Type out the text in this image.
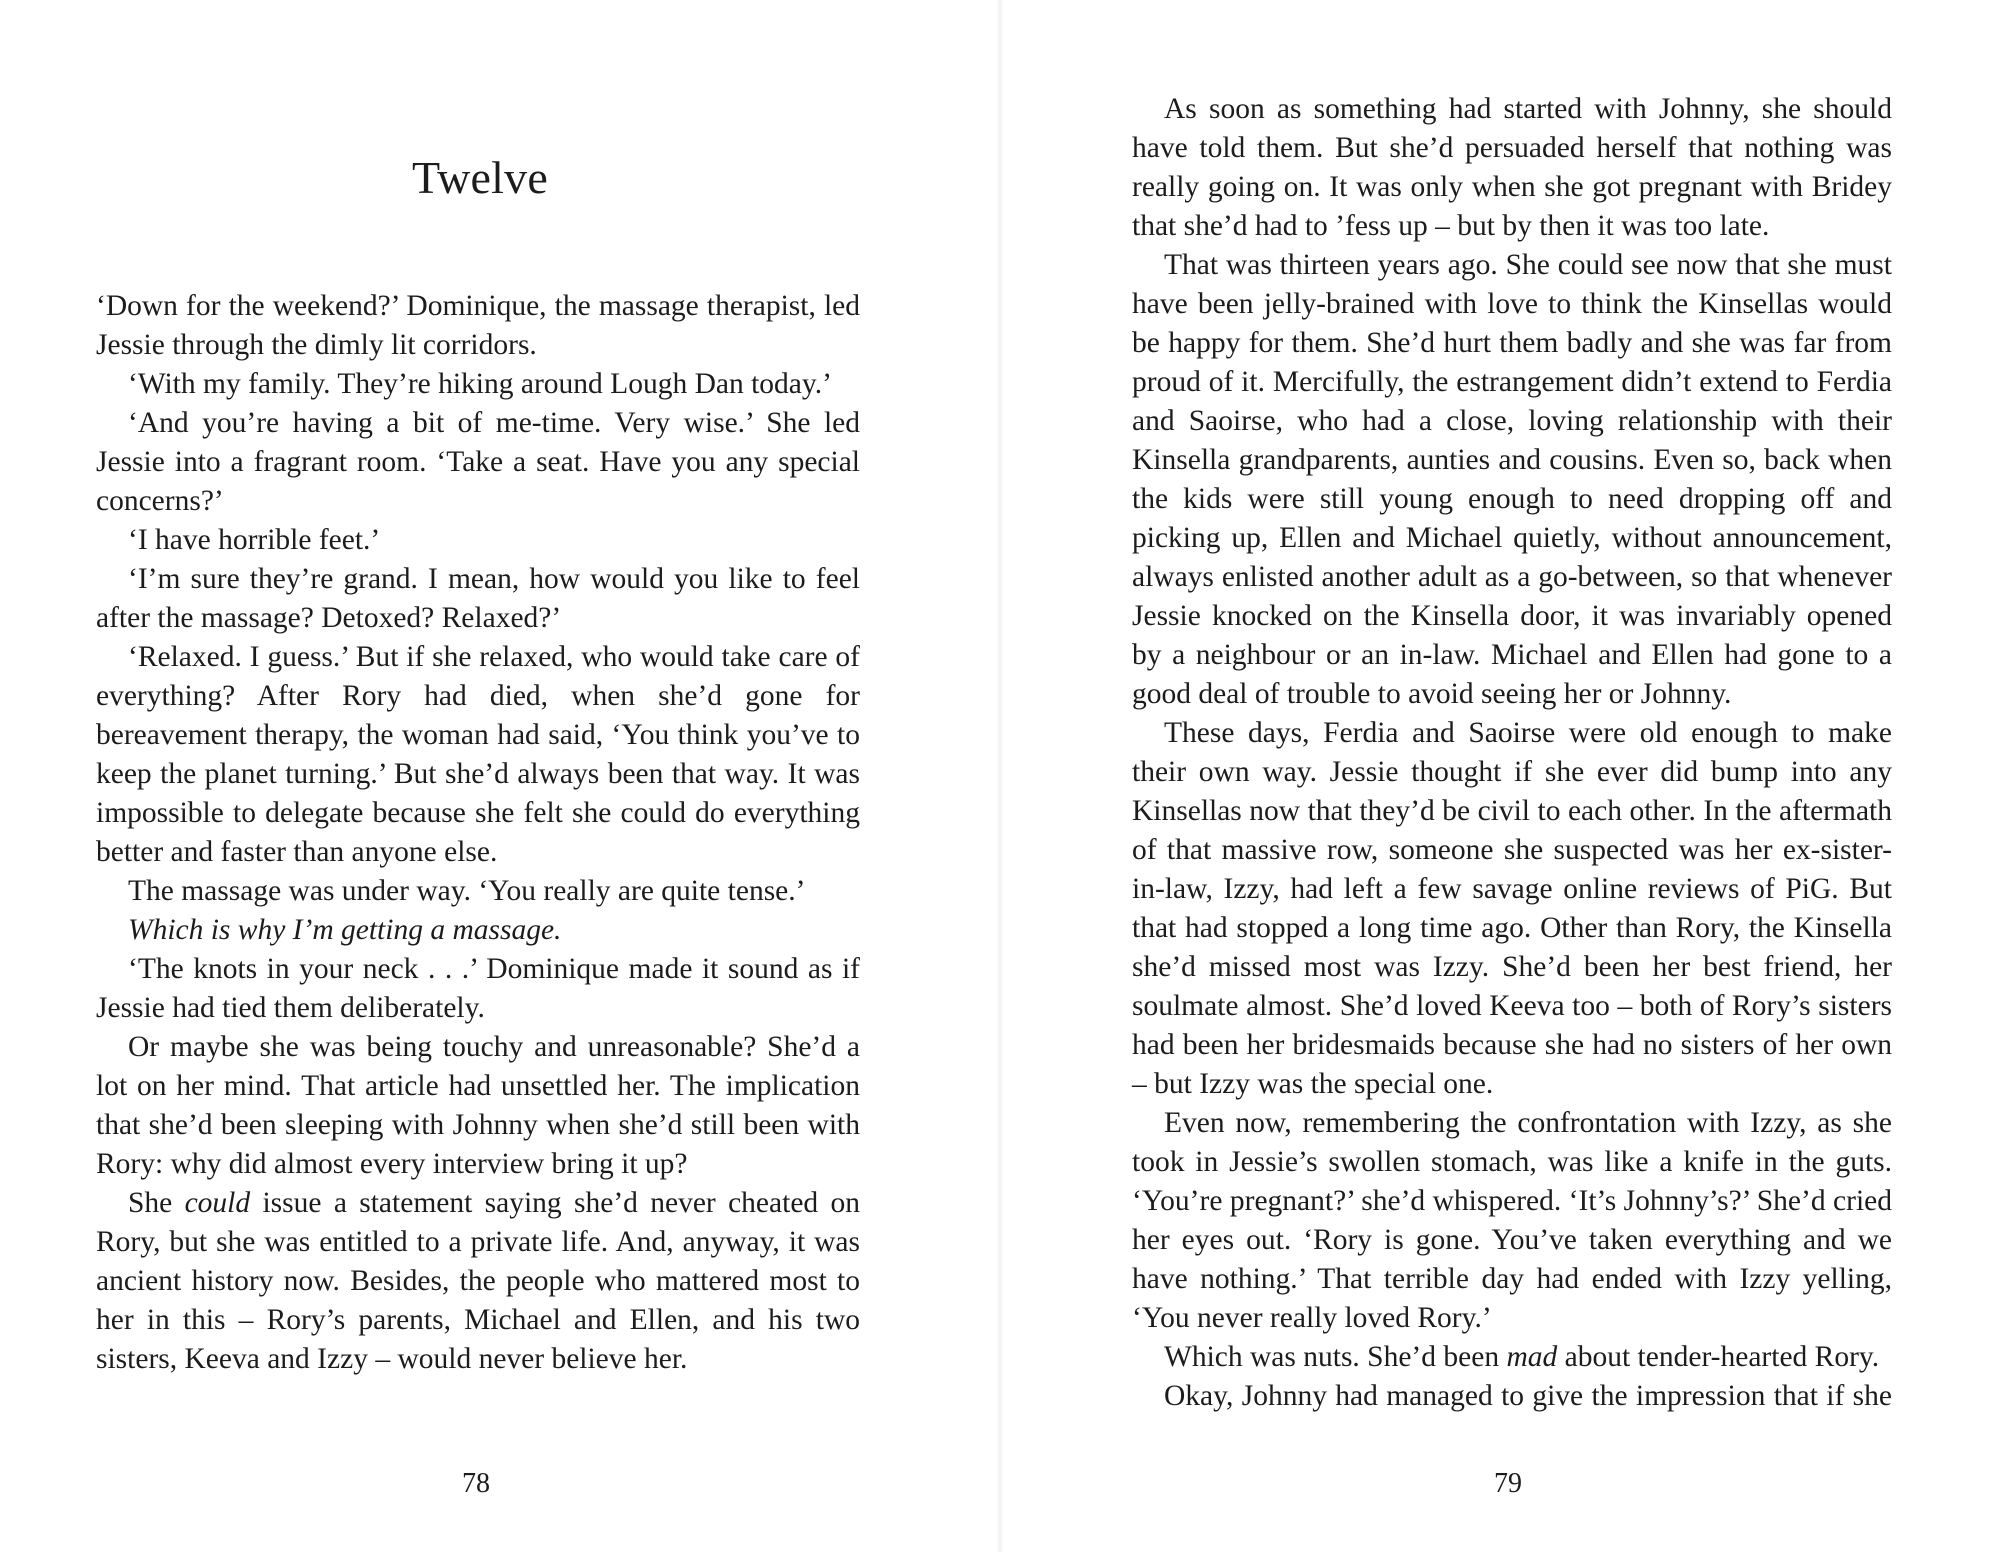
Twelve

‘Down for the weekend?’ Dominique, the massage therapist, led Jessie through the dimly lit corridors.

‘With my family. They’re hiking around Lough Dan today.’

‘And you’re having a bit of me-time. Very wise.’ She led Jessie into a fragrant room. ‘Take a seat. Have you any special concerns?’

‘I have horrible feet.’

‘I’m sure they’re grand. I mean, how would you like to feel after the massage? Detoxed? Relaxed?’

‘Relaxed. I guess.’ But if she relaxed, who would take care of everything? After Rory had died, when she’d gone for bereavement therapy, the woman had said, ‘You think you’ve to keep the planet turning.’ But she’d always been that way. It was impossible to delegate because she felt she could do everything better and faster than anyone else.

The massage was under way. ‘You really are quite tense.’

Which is why I’m getting a massage.

‘The knots in your neck . . .’ Dominique made it sound as if Jessie had tied them deliberately.

Or maybe she was being touchy and unreasonable? She’d a lot on her mind. That article had unsettled her. The implication that she’d been sleeping with Johnny when she’d still been with Rory: why did almost every interview bring it up?

She could issue a statement saying she’d never cheated on Rory, but she was entitled to a private life. And, anyway, it was ancient history now. Besides, the people who mattered most to her in this – Rory’s parents, Michael and Ellen, and his two sisters, Keeva and Izzy – would never believe her.

78

As soon as something had started with Johnny, she should have told them. But she’d persuaded herself that nothing was really going on. It was only when she got pregnant with Bridey that she’d had to ’fess up – but by then it was too late.

That was thirteen years ago. She could see now that she must have been jelly-brained with love to think the Kinsellas would be happy for them. She’d hurt them badly and she was far from proud of it. Mercifully, the estrangement didn’t extend to Ferdia and Saoirse, who had a close, loving relationship with their Kinsella grandparents, aunties and cousins. Even so, back when the kids were still young enough to need dropping off and picking up, Ellen and Michael quietly, without announcement, always enlisted another adult as a go-between, so that whenever Jessie knocked on the Kinsella door, it was invariably opened by a neighbour or an in-law. Michael and Ellen had gone to a good deal of trouble to avoid seeing her or Johnny.

These days, Ferdia and Saoirse were old enough to make their own way. Jessie thought if she ever did bump into any Kinsellas now that they’d be civil to each other. In the aftermath of that massive row, someone she suspected was her ex-sister-in-law, Izzy, had left a few savage online reviews of PiG. But that had stopped a long time ago. Other than Rory, the Kinsella she’d missed most was Izzy. She’d been her best friend, her soulmate almost. She’d loved Keeva too – both of Rory’s sisters had been her bridesmaids because she had no sisters of her own – but Izzy was the special one.

Even now, remembering the confrontation with Izzy, as she took in Jessie’s swollen stomach, was like a knife in the guts. ‘You’re pregnant?’ she’d whispered. ‘It’s Johnny’s?’ She’d cried her eyes out. ‘Rory is gone. You’ve taken everything and we have nothing.’ That terrible day had ended with Izzy yelling, ‘You never really loved Rory.’

Which was nuts. She’d been mad about tender-hearted Rory.

Okay, Johnny had managed to give the impression that if she

79
